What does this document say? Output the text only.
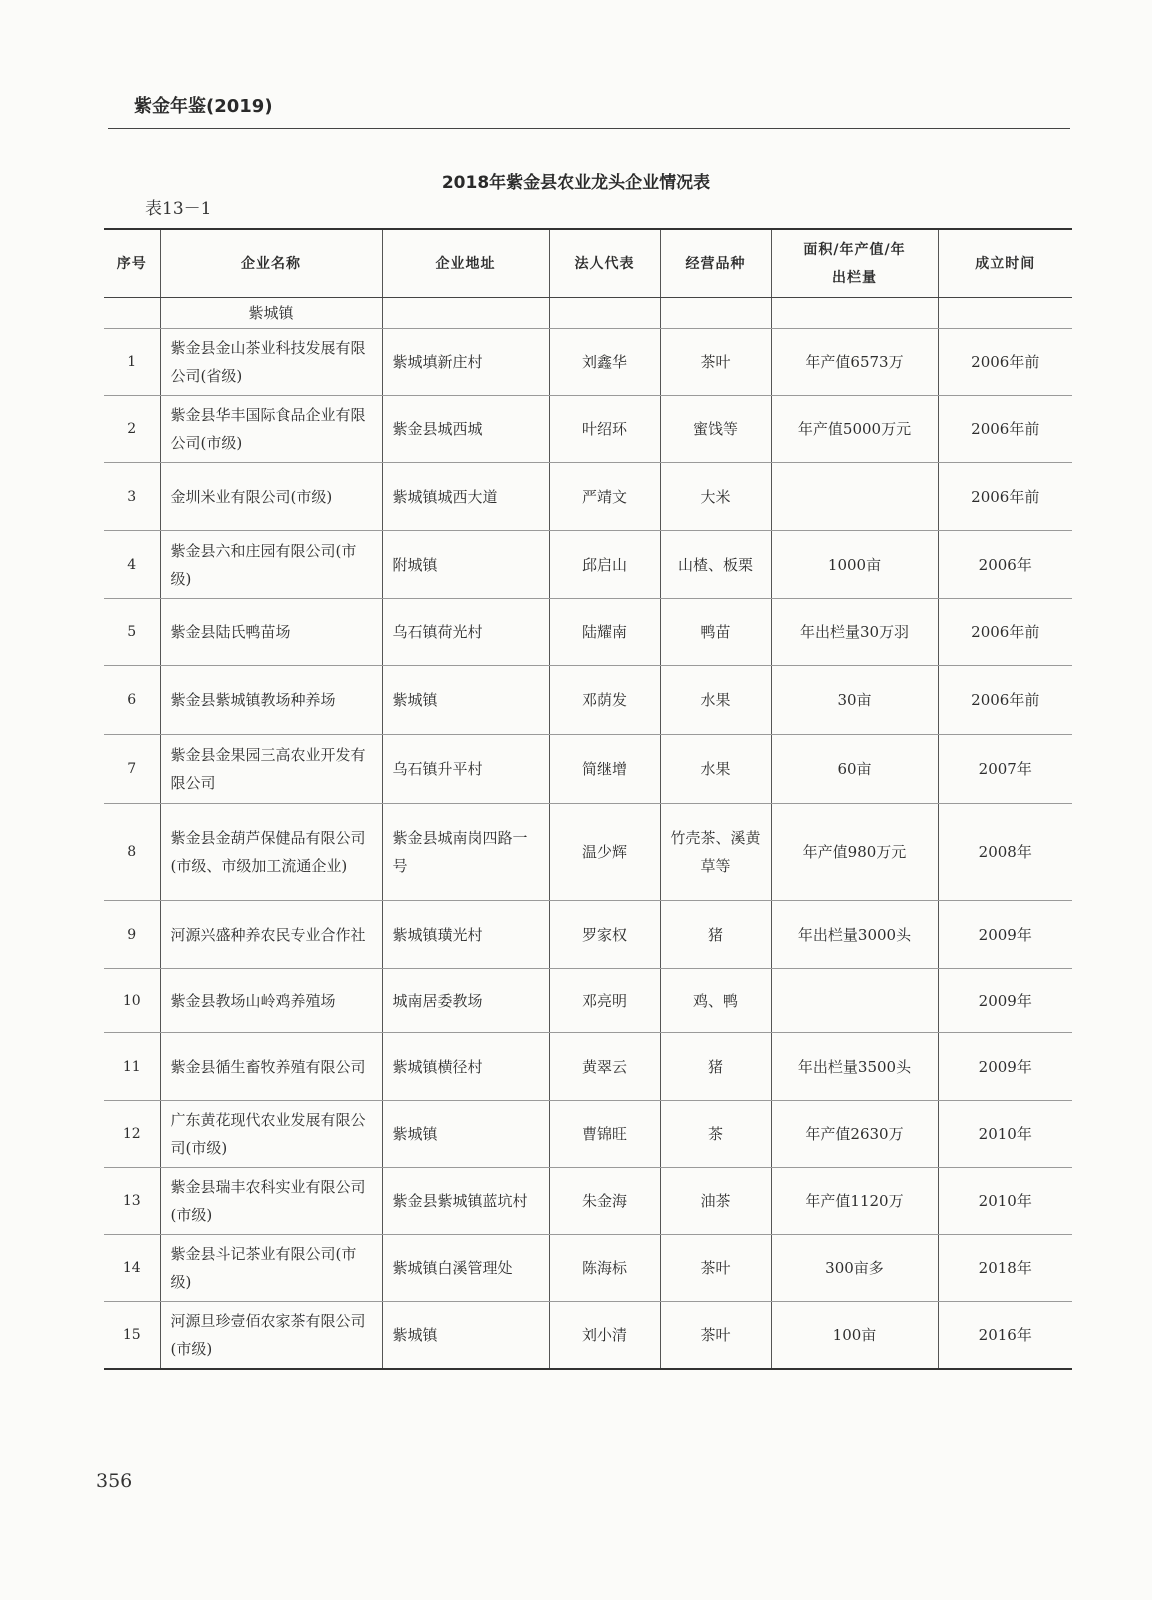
紫金年鉴(2019)
2018年紫金县农业龙头企业情况表
表13－1
序号	企业名称	企业地址	法人代表	经营品种	面积/年产值/年出栏量	成立时间
	紫城镇					
1	紫金县金山茶业科技发展有限公司(省级)	紫城填新庄村	刘鑫华	茶叶	年产值6573万	2006年前
2	紫金县华丰国际食品企业有限公司(市级)	紫金县城西城	叶绍环	蜜饯等	年产值5000万元	2006年前
3	金圳米业有限公司(市级)	紫城镇城西大道	严靖文	大米		2006年前
4	紫金县六和庄园有限公司(市级)	附城镇	邱启山	山楂、板栗	1000亩	2006年
5	紫金县陆氏鸭苗场	乌石镇荷光村	陆耀南	鸭苗	年出栏量30万羽	2006年前
6	紫金县紫城镇教场种养场	紫城镇	邓荫发	水果	30亩	2006年前
7	紫金县金果园三高农业开发有限公司	乌石镇升平村	简继增	水果	60亩	2007年
8	紫金县金葫芦保健品有限公司(市级、市级加工流通企业)	紫金县城南岗四路一号	温少辉	竹壳茶、溪黄草等	年产值980万元	2008年
9	河源兴盛种养农民专业合作社	紫城镇璜光村	罗家权	猪	年出栏量3000头	2009年
10	紫金县教场山岭鸡养殖场	城南居委教场	邓亮明	鸡、鸭		2009年
11	紫金县循生畜牧养殖有限公司	紫城镇横径村	黄翠云	猪	年出栏量3500头	2009年
12	广东黄花现代农业发展有限公司(市级)	紫城镇	曹锦旺	茶	年产值2630万	2010年
13	紫金县瑞丰农科实业有限公司(市级)	紫金县紫城镇蓝坑村	朱金海	油茶	年产值1120万	2010年
14	紫金县斗记茶业有限公司(市级)	紫城镇白溪管理处	陈海标	茶叶	300亩多	2018年
15	河源旦珍壹佰农家茶有限公司(市级)	紫城镇	刘小清	茶叶	100亩	2016年
356
